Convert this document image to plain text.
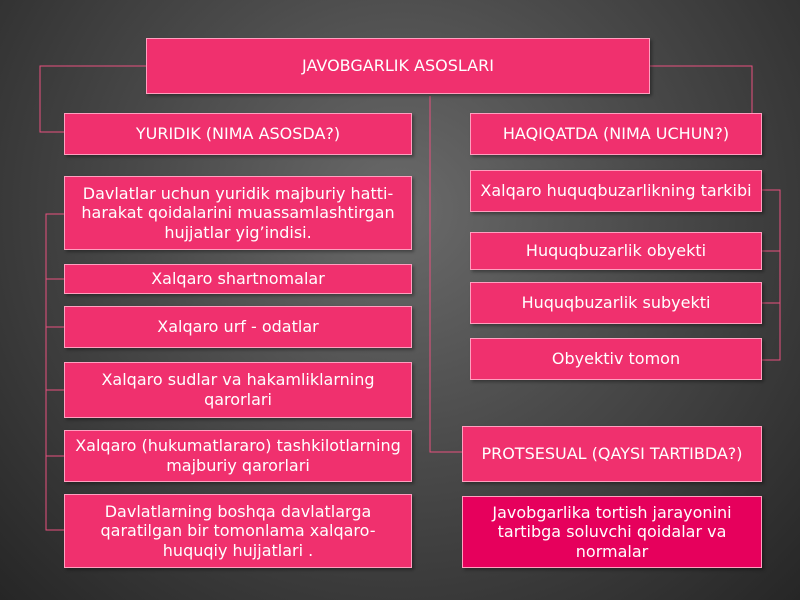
JAVOBGARLIK ASOSLARI
YURIDIK (NIMA ASOSDA?)
Davlatlar uchun yuridik majburiy hatti-harakat qoidalarini muassamlashtirgan hujjatlar yig’indisi.
Xalqaro shartnomalar
Xalqaro urf - odatlar
Xalqaro sudlar va hakamliklarning qarorlari
Xalqaro (hukumatlararo) tashkilotlarning majburiy qarorlari
Davlatlarning boshqa davlatlarga qaratilgan bir tomonlama xalqaro-huquqiy hujjatlari .
HAQIQATDA (NIMA UCHUN?)
Xalqaro huquqbuzarlikning tarkibi
Huquqbuzarlik obyekti
Huquqbuzarlik subyekti
Obyektiv tomon
PROTSESUAL (QAYSI TARTIBDA?)
Javobgarlika tortish jarayonini tartibga soluvchi qoidalar va normalar
